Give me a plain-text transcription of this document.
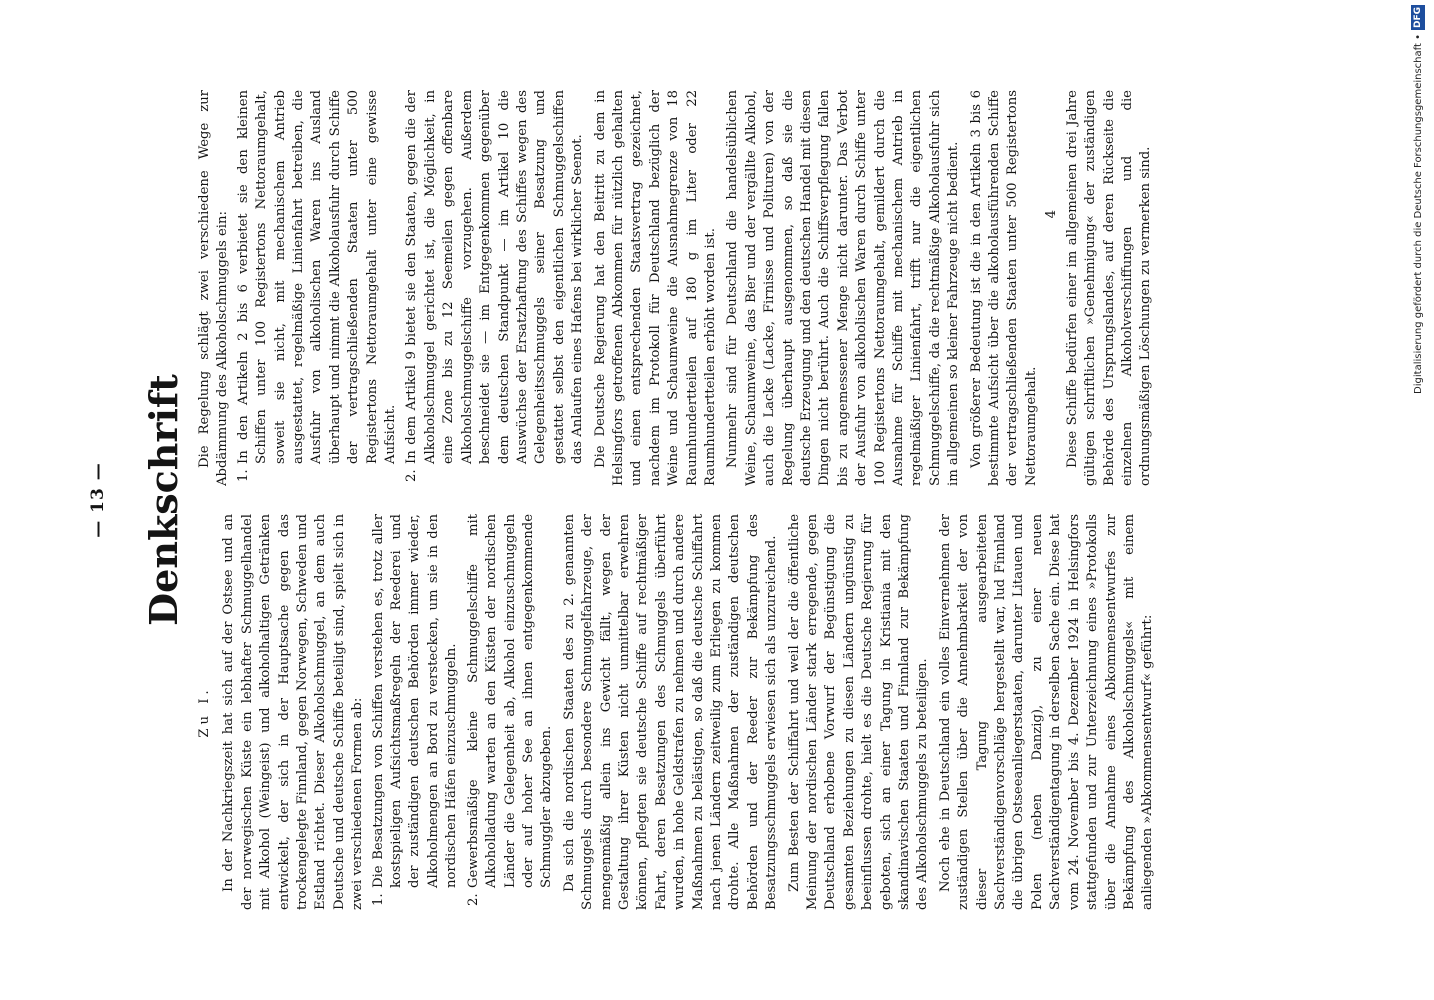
— 13 — Denkschrift
Zu I. In der Nachkriegszeit hat sich auf der Ostsee und an der norwegischen Küste ein lebhafter Schmuggelhandel mit Alkohol (Weingeist) und alkoholhaltigen Getränken entwickelt, der sich in der Hauptsache gegen das trockengelegte Finnland, gegen Norwegen, Schweden und Estland richtet. Dieser Alkoholschmuggel, an dem auch Deutsche und deutsche Schiffe beteiligt sind, spielt sich in zwei verschiedenen Formen ab: 1.
Die Besatzungen von Schiffen verstehen es, trotz aller kostspieligen Aufsichtsmaßregeln der Reederei und der zuständigen deutschen Behörden immer wieder, Alkoholmengen an Bord zu verstecken, um sie in den nordischen Häfen einzuschmuggeln.
2.
Gewerbsmäßige kleine Schmuggelschiffe mit Alkoholladung warten an den Küsten der nordischen Länder die Gelegenheit ab, Alkohol einzuschmuggeln oder auf hoher See an ihnen entgegenkommende Schmuggler abzugeben. Da sich die nordischen Staaten des zu 2. genannten Schmuggels durch besondere Schmuggelfahrzeuge, der mengenmäßig allein ins Gewicht fällt, wegen der Gestaltung ihrer Küsten nicht unmittelbar erwehren können, pflegten sie deutsche Schiffe auf rechtmäßiger Fahrt, deren Besatzungen des Schmuggels überführt wurden, in hohe Geldstrafen zu nehmen und durch andere Maßnahmen zu belästigen, so daß die deutsche Schiffahrt nach jenen Ländern zeitweilig zum Erliegen zu kommen drohte. Alle Maßnahmen der zuständigen deutschen Behörden und der Reeder zur Bekämpfung des Besatzungsschmuggels erwiesen sich als unzureichend. Zum Besten der Schiffahrt und weil der die öffentliche Meinung der nordischen Länder stark erregende, gegen Deutschland erhobene Vorwurf der Begünstigung die gesamten Beziehungen zu diesen Ländern ungünstig zu beeinflussen drohte, hielt es die Deutsche Regierung für geboten, sich an einer Tagung in Kristiania mit den skandinavischen Staaten und Finnland zur Bekämpfung des Alkoholschmuggels zu beteiligen. Noch ehe in Deutschland ein volles Einvernehmen der zuständigen Stellen über die Annehmbarkeit der von dieser Tagung ausgearbeiteten Sachverständigenvorschläge hergestellt war, lud Finnland die übrigen Ostseeanliegerstaaten, darunter Litauen und Polen (neben Danzig), zu einer neuen Sachverständigentagung in derselben Sache ein. Diese hat vom 24. November bis 4. Dezember 1924 in Helsingfors stattgefunden und zur Unterzeichnung eines »Protokolls über die Annahme eines Abkommensentwurfes zur Bekämpfung des Alkoholschmuggels« mit einem anliegenden »Abkommensentwurf« geführt:

Die Regelung schlägt zwei verschiedene Wege zur Abdämmung des Alkoholschmuggels ein: 1.
In den Artikeln 2 bis 6 verbietet sie den kleinen Schiffen unter 100 Registertons Nettoraumgehalt, soweit sie nicht, mit mechanischem Antrieb ausgestattet, regelmäßige Linienfahrt betreiben, die Ausfuhr von alkoholischen Waren ins Ausland überhaupt und nimmt die Alkoholausfuhr durch Schiffe der vertragschließenden Staaten unter 500 Registertons Nettoraumgehalt unter eine gewisse Aufsicht.
2.
In dem Artikel 9 bietet sie den Staaten, gegen die der Alkoholschmuggel gerichtet ist, die Möglichkeit, in eine Zone bis zu 12 Seemeilen gegen offenbare Alkoholschmuggelschiffe vorzugehen. Außerdem beschneidet sie — im Entgegenkommen gegenüber dem deutschen Standpunkt — im Artikel 10 die Auswüchse der Ersatzhaftung des Schiffes wegen des Gelegenheitsschmuggels seiner Besatzung und gestattet selbst den eigentlichen Schmuggelschiffen das Anlaufen eines Hafens bei wirklicher Seenot. Die Deutsche Regierung hat den Beitritt zu dem in Helsingfors getroffenen Abkommen für nützlich gehalten und einen entsprechenden Staatsvertrag gezeichnet, nachdem im Protokoll für Deutschland bezüglich der Weine und Schaumweine die Ausnahmegrenze von 18 Raumhundertteilen auf 180 g im Liter oder 22 Raumhundertteilen erhöht worden ist. Nunmehr sind für Deutschland die handelsüblichen Weine, Schaumweine, das Bier und der vergällte Alkohol, auch die Lacke (Lacke, Firnisse und Polituren) von der Regelung überhaupt ausgenommen, so daß sie die deutsche Erzeugung und den deutschen Handel mit diesen Dingen nicht berührt. Auch die Schiffsverpflegung fallen bis zu angemessener Menge nicht darunter. Das Verbot der Ausfuhr von alkoholischen Waren durch Schiffe unter 100 Registertons Nettoraumgehalt, gemildert durch die Ausnahme für Schiffe mit mechanischem Antrieb in regelmäßiger Linienfahrt, trifft nur die eigentlichen Schmuggelschiffe, da die rechtmäßige Alkoholausfuhr sich im allgemeinen so kleiner Fahrzeuge nicht bedient. Von größerer Bedeutung ist die in den Artikeln 3 bis 6 bestimmte Aufsicht über die alkoholausführenden Schiffe der vertragschließenden Staaten unter 500 Registertons Nettoraumgehalt.

4 Diese Schiffe bedürfen einer im allgemeinen drei Jahre gültigen schriftlichen »Genehmigung« der zuständigen Behörde des Ursprungslandes, auf deren Rückseite die einzelnen Alkoholverschiffungen und die ordnungsmäßigen Löschungen zu vermerken sind.	Digitalisierung gefördert durch die Deutsche Forschungsgemeinschaft •
DFG
